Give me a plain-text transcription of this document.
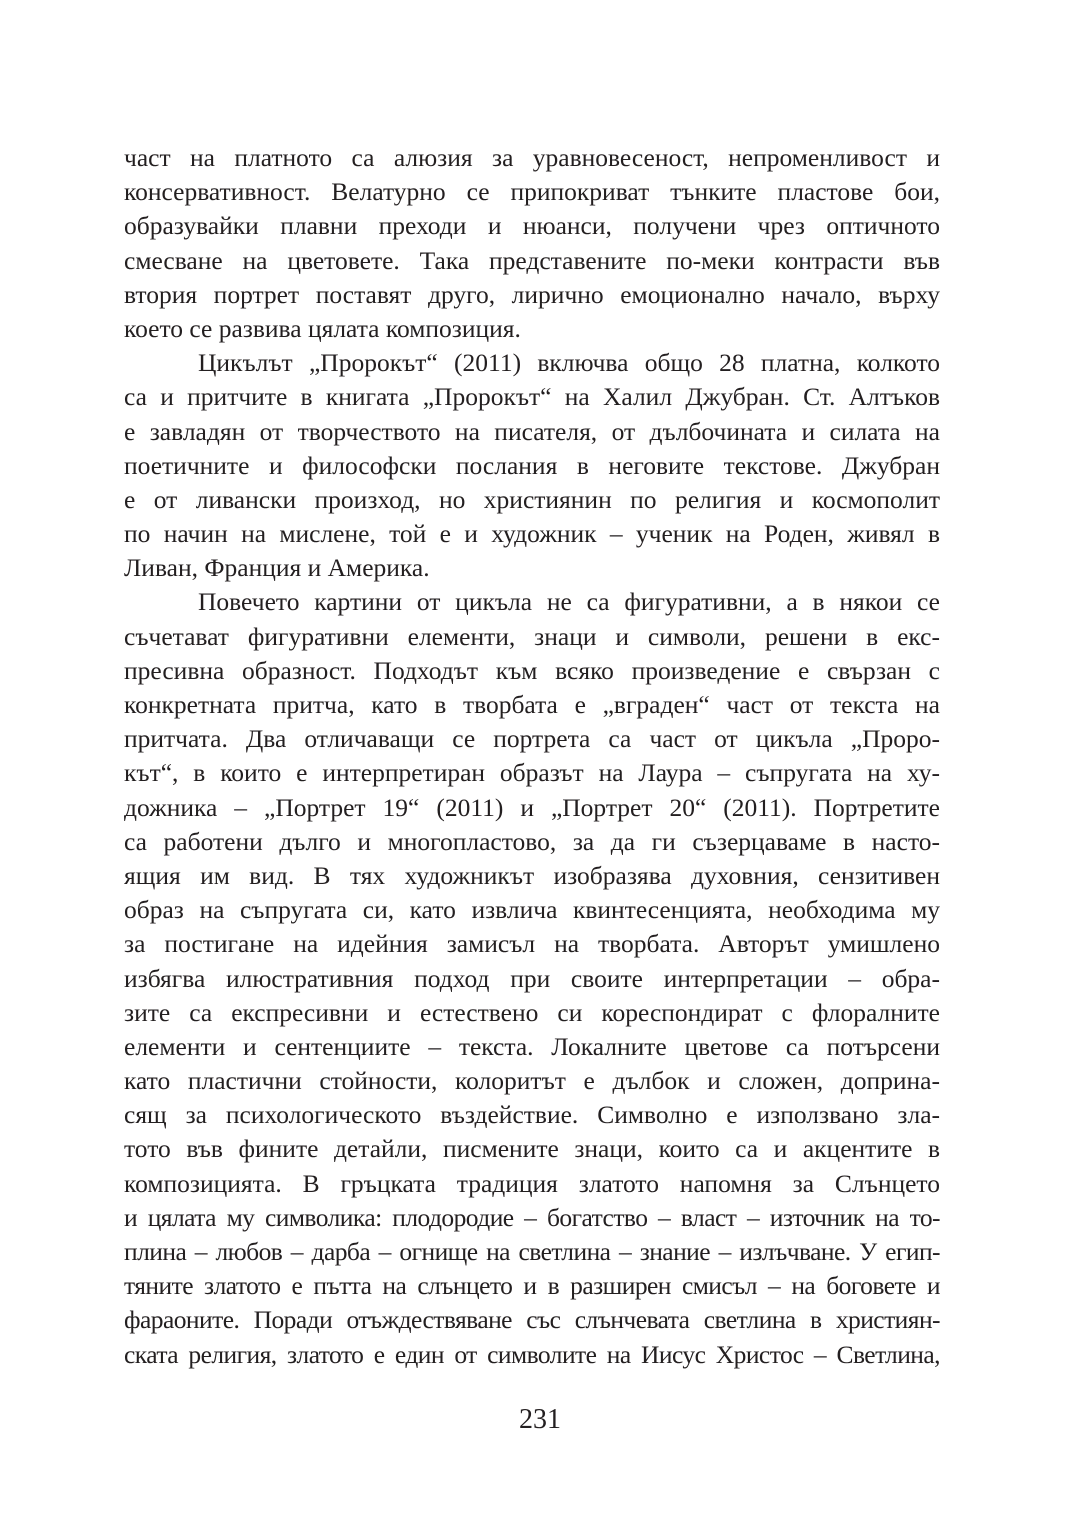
част на платното са алюзия за уравновесеност, непроменливост и
консервативност. Велатурно се припокриват тънките пластове бои,
образувайки плавни преходи и нюанси, получени чрез оптичното
смесване на цветовете. Така представените по-меки контрасти във
втория портрет поставят друго, лирично емоционално начало, върху
което се развива цялата композиция.
Цикълът „Пророкът“ (2011) включва общо 28 платна, колкото
са и притчите в книгата „Пророкът“ на Халил Джубран. Ст. Алтъков
е завладян от творчеството на писателя, от дълбочината и силата на
поетичните и философски послания в неговите текстове. Джубран
е от ливански произход, но християнин по религия и космополит
по начин на мислене, той е и художник – ученик на Роден, живял в
Ливан, Франция и Америка.
Повечето картини от цикъла не са фигуративни, а в някои се
съчетават фигуративни елементи, знаци и символи, решени в екс-
пресивна образност. Подходът към всяко произведение е свързан с
конкретната притча, като в творбата е „вграден“ част от текста на
притчата. Два отличаващи се портрета са част от цикъла „Проро-
кът“, в които е интерпретиран образът на Лаура – съпругата на ху-
дожника – „Портрет 19“ (2011) и „Портрет 20“ (2011). Портретите
са работени дълго и многопластово, за да ги съзерцаваме в насто-
ящия им вид. В тях художникът изобразява духовния, сензитивен
образ на съпругата си, като извлича квинтесенцията, необходима му
за постигане на идейния замисъл на творбата. Авторът умишлено
избягва илюстративния подход при своите интерпретации – обра-
зите са експресивни и естествено си кореспондират с флоралните
елементи и сентенциите – текста. Локалните цветове са потърсени
като пластични стойности, колоритът е дълбок и сложен, доприна-
сящ за психологическото въздействие. Символно е използвано зла-
тото във фините детайли, писмените знаци, които са и акцентите в
композицията. В гръцката традиция златото напомня за Слънцето
и цялата му символика: плодородие – богатство – власт – източник на то-
плина – любов – дарба – огнище на светлина – знание – излъчване. У егип-
тяните златото е пътта на слънцето и в разширен смисъл – на боговете и
фараоните. Поради отъждествяване със слънчевата светлина в християн-
ската религия, златото е един от символите на Иисус Христос – Светлина,
231
